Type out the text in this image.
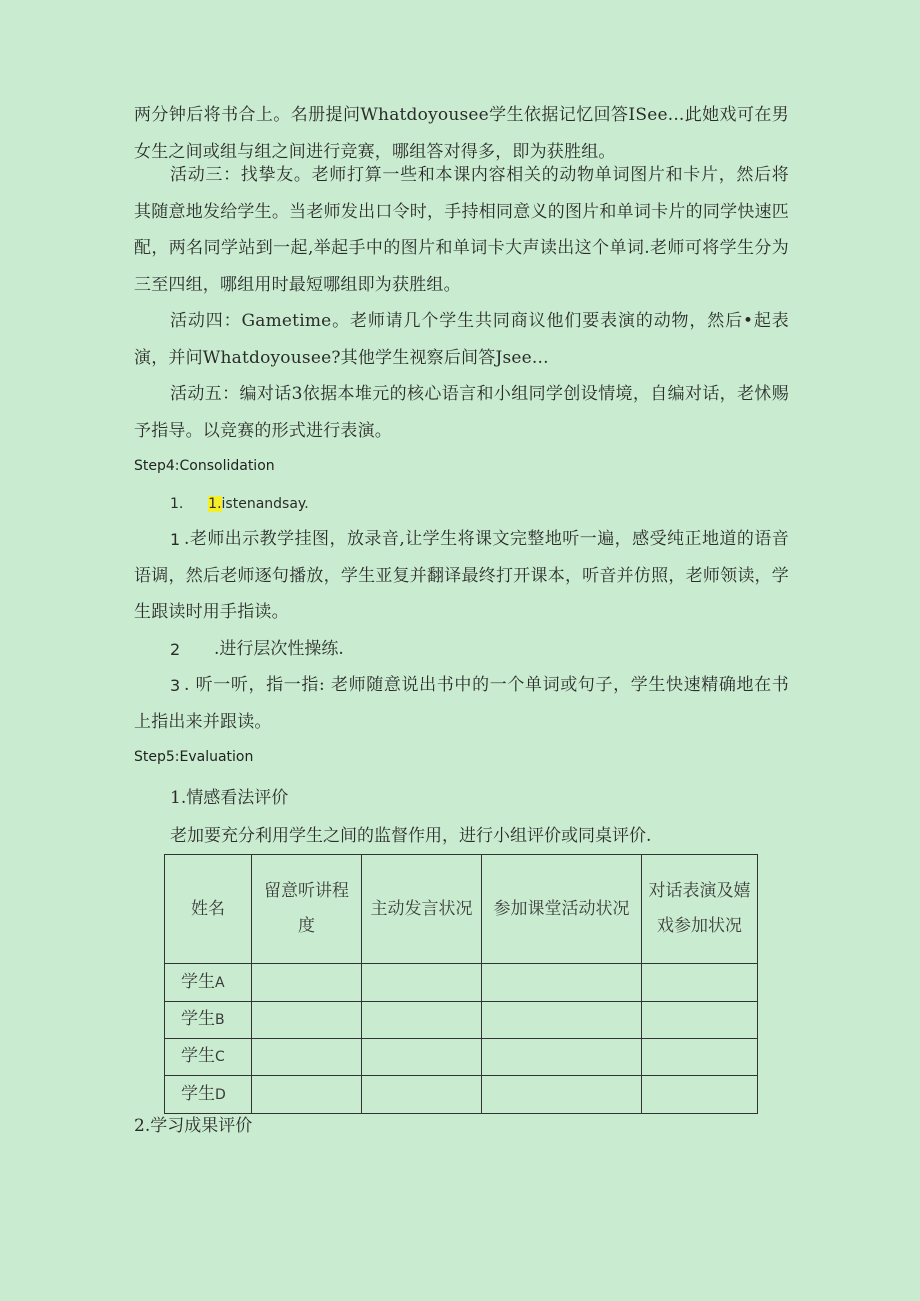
两分钟后将书合上。名册提问Whatdoyousee学生依据记忆回答ISee...此她戏可在男女生之间或组与组之间进行竞赛，哪组答对得多，即为获胜组。

活动三：找挚友。老师打算一些和本课内容相关的动物单词图片和卡片，然后将其随意地发给学生。当老师发出口令时，手持相同意义的图片和单词卡片的同学快速匹配，两名同学站到一起,举起手中的图片和单词卡大声读出这个单词.老师可将学生分为三至四组，哪组用时最短哪组即为获胜组。

活动四：Gametime。老师请几个学生共同商议他们要表演的动物，然后•起表演，并问Whatdoyousee?其他学生视察后间答Jsee...

活动五：编对话3依据本堆元的核心语言和小组同学创设情境，自编对话，老怵赐予指导。以竞赛的形式进行表演。

Step4:Consolidation
1. 1.istenandsay.
1 .老师出示教学挂图，放录音,让学生将课文完整地听一遍，感受纯正地道的语音语调，然后老师逐句播放，学生亚复并翻译最终打开课本，听音并仿照，老师领读，学生跟读时用手指读。

2 .进行层次性操练.
3 . 听一听，指一指: 老师随意说出书中的一个单词或句子，学生快速精确地在书上指出来并跟读。

Step5:Evaluation
1.情感看法评价
老加要充分利用学生之间的监督作用，进行小组评价或同桌评价.
姓名	留意听讲程度	主动发言状况	参加课堂活动状况	对话表演及嬉戏参加状况
学生A				
学生B				
学生C				
学生D				
2.学习成果评价
